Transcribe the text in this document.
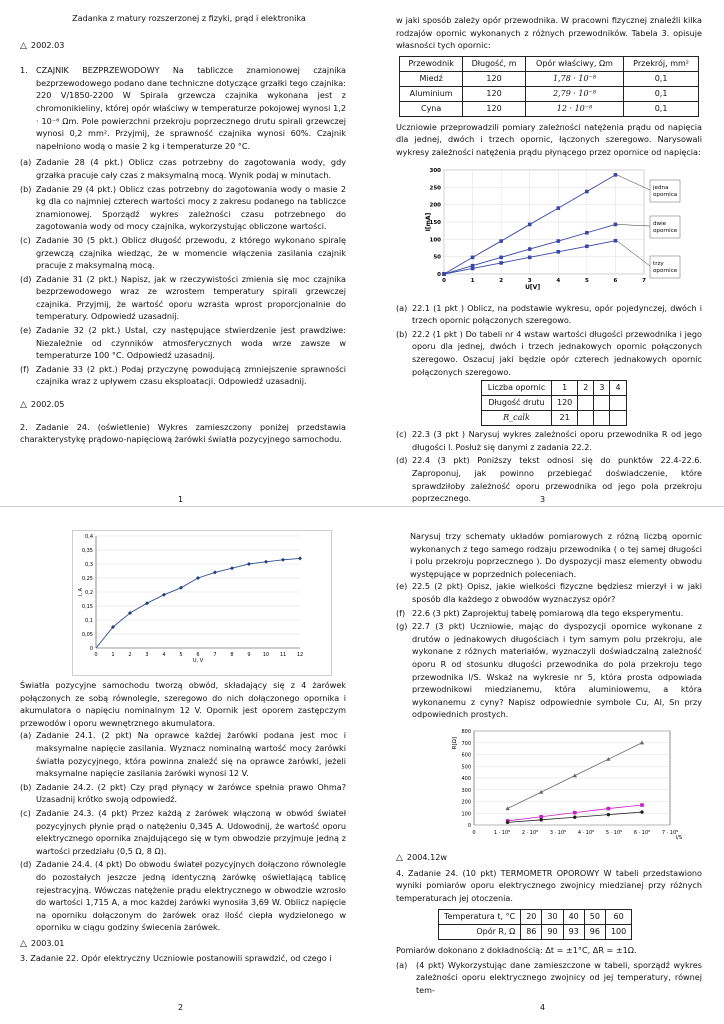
Zadanka z matury rozszerzonej z fizyki, prąd i elektronika
△ 2002.03
1. CZAJNIK BEZPRZEWODOWY Na tabliczce znamionowej czajnika bezprzewodowego podano dane techniczne dotyczące grzałki tego czajnika: 220 V/1850-2200 W Spirala grzewcza czajnika wykonana jest z chromonikieliny, której opór właściwy w temperaturze pokojowej wynosi 1,2 · 10⁻⁶ Ωm. Pole powierzchni przekroju poprzecznego drutu spirali grzewczej wynosi 0,2 mm². Przyjmij, że sprawność czajnika wynosi 60%. Czajnik napełniono wodą o masie 2 kg i temperaturze 20 °C.

(a) Zadanie 28 (4 pkt.) Oblicz czas potrzebny do zagotowania wody, gdy grzałka pracuje cały czas z maksymalną mocą. Wynik podaj w minutach.
(b) Zadanie 29 (4 pkt.) Oblicz czas potrzebny do zagotowania wody o masie 2 kg dla co najmniej czterech wartości mocy z zakresu podanego na tabliczce znamionowej. Sporządź wykres zależności czasu potrzebnego do zagotowania wody od mocy czajnika, wykorzystując obliczone wartości.
(c) Zadanie 30 (5 pkt.) Oblicz długość przewodu, z którego wykonano spiralę grzewczą czajnika wiedząc, że w momencie włączenia zasilania czajnik pracuje z maksymalną mocą.
(d) Zadanie 31 (2 pkt.) Napisz, jak w rzeczywistości zmienia się moc czajnika bezprzewodowego wraz ze wzrostem temperatury spirali grzewczej czajnika. Przyjmij, że wartość oporu wzrasta wprost proporcjonalnie do temperatury. Odpowiedź uzasadnij.
(e) Zadanie 32 (2 pkt.) Ustal, czy następujące stwierdzenie jest prawdziwe: Niezależnie od czynników atmosferycznych woda wrze zawsze w temperaturze 100 °C. Odpowiedź uzasadnij.
(f) Zadanie 33 (2 pkt.) Podaj przyczynę powodującą zmniejszenie sprawności czajnika wraz z upływem czasu eksploatacji. Odpowiedź uzasadnij.
△ 2002.05

2. Zadanie 24. (oświetlenie) Wykres zamieszczony poniżej przedstawia charakterystykę prądowo-napięciową żarówki światła pozycyjnego samochodu.

1

w jaki sposób zależy opór przewodnika. W pracowni fizycznej znaleźli kilka rodzajów opornic wykonanych z różnych przewodników. Tabela 3. opisuje własności tych opornic:

Przewodnik	Długość, m	Opór właściwy, Ωm	Przekrój, mm²
Miedź	120	1,78 · 10⁻⁸	0,1
Aluminium	120	2,79 · 10⁻⁸	0,1
Cyna	120	12 · 10⁻⁸	0,1

Uczniowie przeprowadzili pomiary zależności natężenia prądu od napięcia dla jednej, dwóch i trzech opornic, łączonych szeregowo. Narysowali wykresy zależności natężenia prądu płynącego przez opornice od napięcia:

0
50
100
150
200
250
300
0	1	2	3	4	5	6	7
U[V]
I[mA]
jedna opornica
dwie opornice
trzy opornice
(a) 22.1 (1 pkt ) Oblicz, na podstawie wykresu, opór pojedynczej, dwóch i trzech opornic połączonych szeregowo.
(b) 22.2 (1 pkt ) Do tabeli nr 4 wstaw wartości długości przewodnika i jego oporu dla jednej, dwóch i trzech jednakowych opornic połączonych szeregowo. Oszacuj jaki będzie opór czterech jednakowych opornic połączonych szeregowo.
Liczba opornic	1	2	3	4
Długość drutu	120			
R_calk	21			
(c) 22.3 (3 pkt ) Narysuj wykres zależności oporu przewodnika R od jego długości l. Posłuż się danymi z zadania 22.2.
(d) 22.4 (3 pkt) Poniższy tekst odnosi się do punktów 22.4-22.6. Zaproponuj, jak powinno przebiegać doświadczenie, które sprawdziłoby zależność oporu przewodnika od jego pola przekroju poprzecznego.	3
0
0,05
0,1
0,15
0,2
0,25
0,3
0,35
0,4
0	1	2	3	4	5	6	7	8	9 10 11 12
U, V
I, A

Światła pozycyjne samochodu tworzą obwód, składający się z 4 żarówek połączonych ze sobą równolegle, szeregowo do nich dołączonego opornika i akumulatora o napięciu nominalnym 12 V. Opornik jest oporem zastępczym przewodów i oporu wewnętrznego akumulatora.

(a) Zadanie 24.1. (2 pkt) Na oprawce każdej żarówki podana jest moc i maksymalne napięcie zasilania. Wyznacz nominalną wartość mocy żarówki światła pozycyjnego, która powinna znaleźć się na oprawce żarówki, jeżeli maksymalne napięcie zasilania żarówki wynosi 12 V.
(b) Zadanie 24.2. (2 pkt) Czy prąd płynący w żarówce spełnia prawo Ohma? Uzasadnij krótko swoją odpowiedź.
(c) Zadanie 24.3. (4 pkt) Przez każdą z żarówek włączoną w obwód świateł pozycyjnych płynie prąd o natężeniu 0,345 A. Udowodnij, że wartość oporu elektrycznego opornika znajdującego się w tym obwodzie przyjmuje jedną z wartości przedziału (0,5 Ω, 8 Ω).
(d) Zadanie 24.4. (4 pkt) Do obwodu świateł pozycyjnych dołączono równolegle do pozostałych jeszcze jedną identyczną żarówkę oświetlającą tablicę rejestracyjną. Wówczas natężenie prądu elektrycznego w obwodzie wzrosło do wartości 1,715 A, a moc każdej żarówki wynosiła 3,69 W. Oblicz napięcie na oporniku dołączonym do żarówek oraz ilość ciepła wydzielonego w oporniku w ciągu godziny świecenia żarówek.
△ 2003.01

3. Zadanie 22. Opór elektryczny Uczniowie postanowili sprawdzić, od czego i

2

Narysuj trzy schematy układów pomiarowych z różną liczbą opornic wykonanych z tego samego rodzaju przewodnika ( o tej samej długości i polu przekroju poprzecznego ). Do dyspozycji masz elementy obwodu występujące w poprzednich poleceniach.

(e) 22.5 (2 pkt) Opisz, jakie wielkości fizyczne będziesz mierzył i w jaki sposób dla każdego z obwodów wyznaczysz opór?
(f) 22.6 (3 pkt) Zaprojektuj tabelę pomiarową dla tego eksperymentu.
(g) 22.7 (3 pkt) Uczniowie, mając do dyspozycji opornice wykonane z drutów o jednakowych długościach i tym samym polu przekroju, ale wykonane z różnych materiałów, wyznaczyli doświadczalną zależność oporu R od stosunku długości przewodnika do pola przekroju tego przewodnika l/S. Wskaż na wykresie nr 5, która prosta odpowiada przewodnikowi miedzianemu, która aluminiowemu, a która wykonanemu z cyny? Napisz odpowiednie symbole Cu, Al, Sn przy odpowiednich prostych.
0
100
200
300
400
500
600
700
800
0	1 · 10⁹ 2 · 10⁹ 3 · 10⁹ 4 · 10⁹ 5 · 10⁹ 6 · 10⁹ 7 · 10⁹
l/S
R[Ω]
△ 2004.12w

4. Zadanie 24. (10 pkt) TERMOMETR OPOROWY W tabeli przedstawiono wyniki pomiarów oporu elektrycznego zwojnicy miedzianej przy różnych temperaturach jej otoczenia.

Temperatura t, °C	20	30	40	50	60
Opór R, Ω	86	90	93	96	100

Pomiarów dokonano z dokładnością: Δt = ±1°C, ΔR = ±1Ω.

(a) (4 pkt) Wykorzystując dane zamieszczone w tabeli, sporządź wykres zależności oporu elektrycznego zwojnicy od jej temperatury, równej tem-
4
